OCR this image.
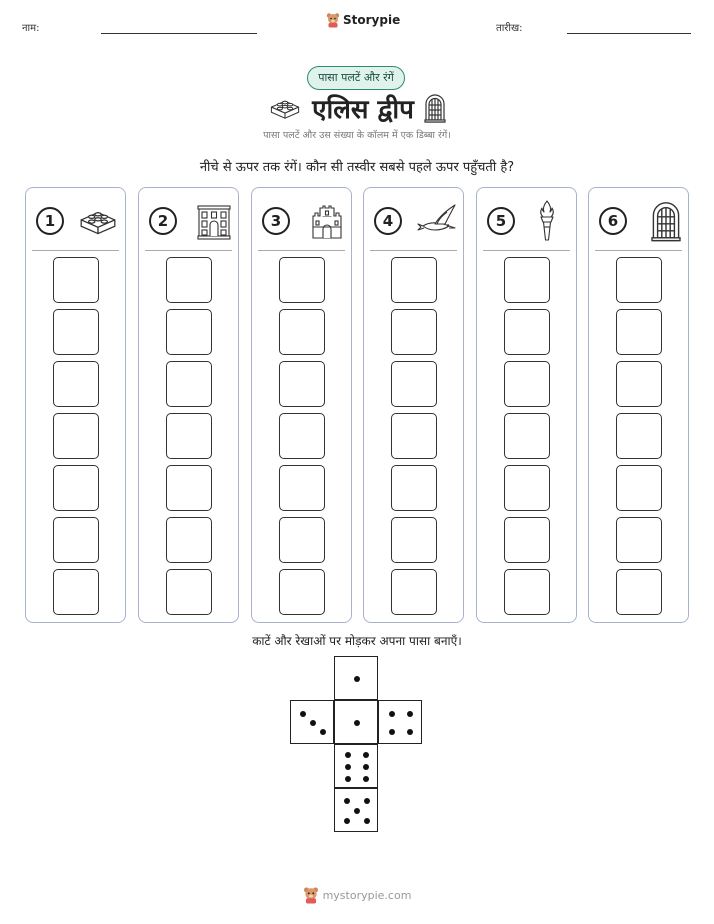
नाम:
Storypie
तारीख:
पासा पलटें और रंगें
एलिस द्वीप
पासा पलटें और उस संख्या के कॉलम में एक डिब्बा रंगें।
नीचे से ऊपर तक रंगें। कौन सी तस्वीर सबसे पहले ऊपर पहुँचती है?
1	2	3	4	5	6
काटें और रेखाओं पर मोड़कर अपना पासा बनाएँ।
mystorypie.com
